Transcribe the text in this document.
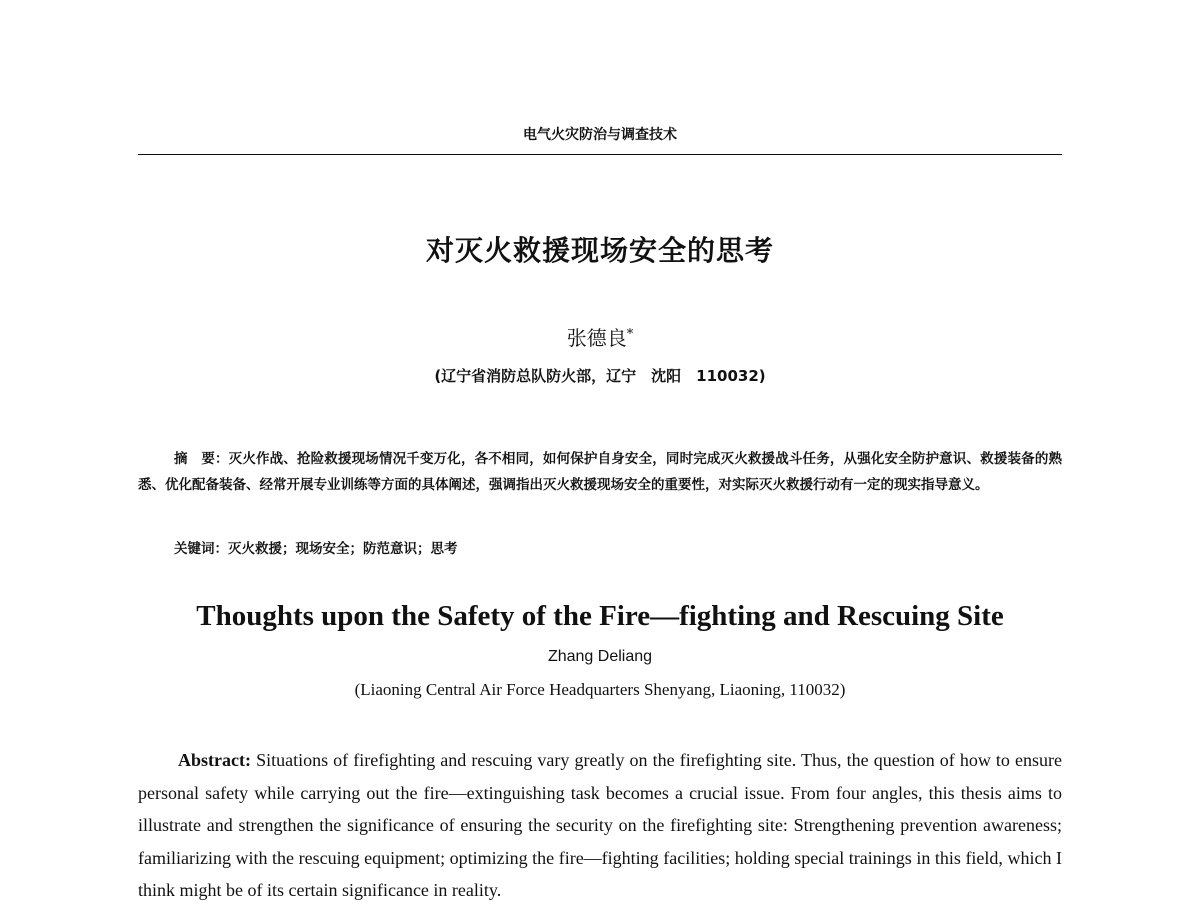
电气火灾防治与调查技术
对灭火救援现场安全的思考
张德良*
(辽宁省消防总队防火部，辽宁　沈阳　110032)
摘　要：灭火作战、抢险救援现场情况千变万化，各不相同，如何保护自身安全，同时完成灭火救援战斗任务，从强化安全防护意识、救援装备的熟悉、优化配备装备、经常开展专业训练等方面的具体阐述，强调指出灭火救援现场安全的重要性，对实际灭火救援行动有一定的现实指导意义。
关键词：灭火救援；现场安全；防范意识；思考
Thoughts upon the Safety of the Fire—fighting and Rescuing Site
Zhang Deliang
(Liaoning Central Air Force Headquarters Shenyang, Liaoning, 110032)
Abstract: Situations of firefighting and rescuing vary greatly on the firefighting site. Thus, the question of how to ensure personal safety while carrying out the fire—extinguishing task becomes a crucial issue. From four angles, this thesis aims to illustrate and strengthen the significance of ensuring the security on the firefighting site: Strengthening prevention awareness; familiarizing with the rescuing equipment; optimizing the fire—fighting facilities; holding special trainings in this field, which I think might be of its certain significance in reality.
